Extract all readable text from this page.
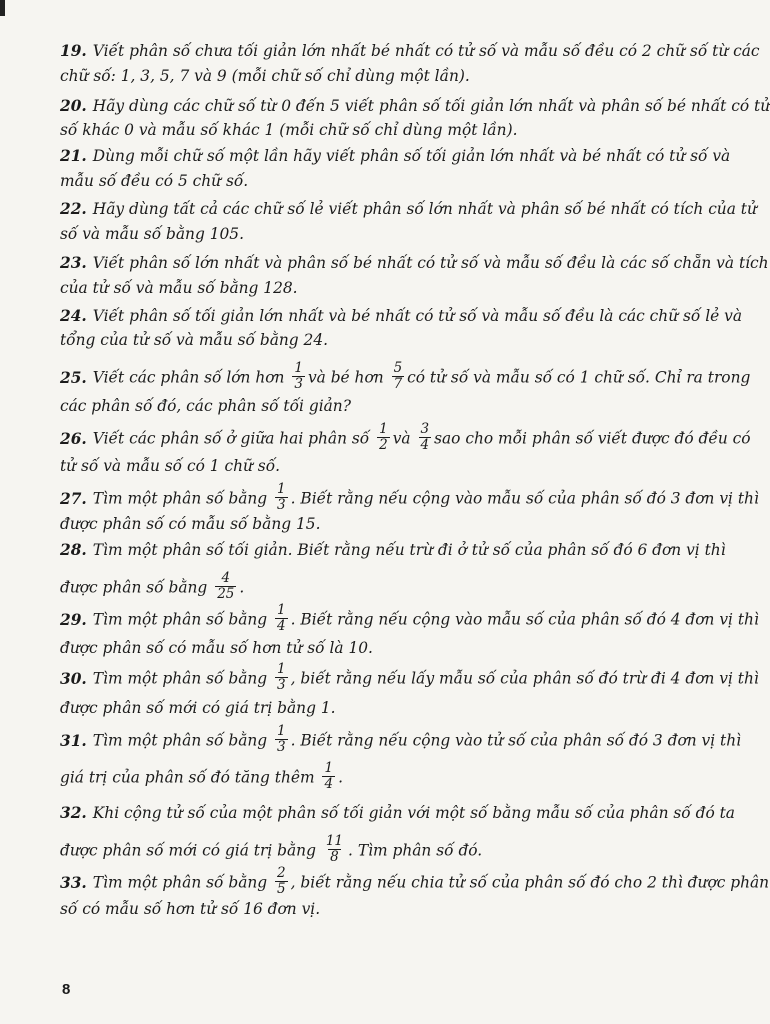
19. Viết phân số chưa tối giản lớn nhất bé nhất có tử số và mẫu số đều có 2 chữ số từ các
chữ số: 1, 3, 5, 7 và 9 (mỗi chữ số chỉ dùng một lần).
20. Hãy dùng các chữ số từ 0 đến 5 viết phân số tối giản lớn nhất và phân số bé nhất có tử
số khác 0 và mẫu số khác 1 (mỗi chữ số chỉ dùng một lần).
21. Dùng mỗi chữ số một lần hãy viết phân số tối giản lớn nhất và bé nhất có tử số và
mẫu số đều có 5 chữ số.
22. Hãy dùng tất cả các chữ số lẻ viết phân số lớn nhất và phân số bé nhất có tích của tử
số và mẫu số bằng 105.
23. Viết phân số lớn nhất và phân số bé nhất có tử số và mẫu số đều là các số chẵn và tích
của tử số và mẫu số bằng 128.
24. Viết phân số tối giản lớn nhất và bé nhất có tử số và mẫu số đều là các chữ số lẻ và
tổng của tử số và mẫu số bằng 24.
25. Viết các phân số lớn hơn $\frac{1}{3}$ và bé hơn $\frac{5}{7}$ có tử số và mẫu số có 1 chữ số. Chỉ ra trong
các phân số đó, các phân số tối giản?
26. Viết các phân số ở giữa hai phân số $\frac{1}{2}$ và $\frac{3}{4}$ sao cho mỗi phân số viết được đó đều có
tử số và mẫu số có 1 chữ số.
27. Tìm một phân số bằng $\frac{1}{3}$ . Biết rằng nếu cộng vào mẫu số của phân số đó 3 đơn vị thì
được phân số có mẫu số bằng 15.
28. Tìm một phân số tối giản. Biết rằng nếu trừ đi ở tử số của phân số đó 6 đơn vị thì
được phân số bằng $\frac{4}{25}$ .
29. Tìm một phân số bằng $\frac{1}{4}$ . Biết rằng nếu cộng vào mẫu số của phân số đó 4 đơn vị thì
được phân số có mẫu số hơn tử số là 10.
30. Tìm một phân số bằng $\frac{1}{3}$ , biết rằng nếu lấy mẫu số của phân số đó trừ đi 4 đơn vị thì
được phân số mới có giá trị bằng 1.
31. Tìm một phân số bằng $\frac{1}{3}$ . Biết rằng nếu cộng vào tử số của phân số đó 3 đơn vị thì
giá trị của phân số đó tăng thêm $\frac{1}{4}$ .
32. Khi cộng tử số của một phân số tối giản với một số bằng mẫu số của phân số đó ta
được phân số mới có giá trị bằng $\frac{11}{8}$ . Tìm phân số đó.
33. Tìm một phân số bằng $\frac{2}{5}$ , biết rằng nếu chia tử số của phân số đó cho 2 thì được phân
số có mẫu số hơn tử số 16 đơn vị.
8
